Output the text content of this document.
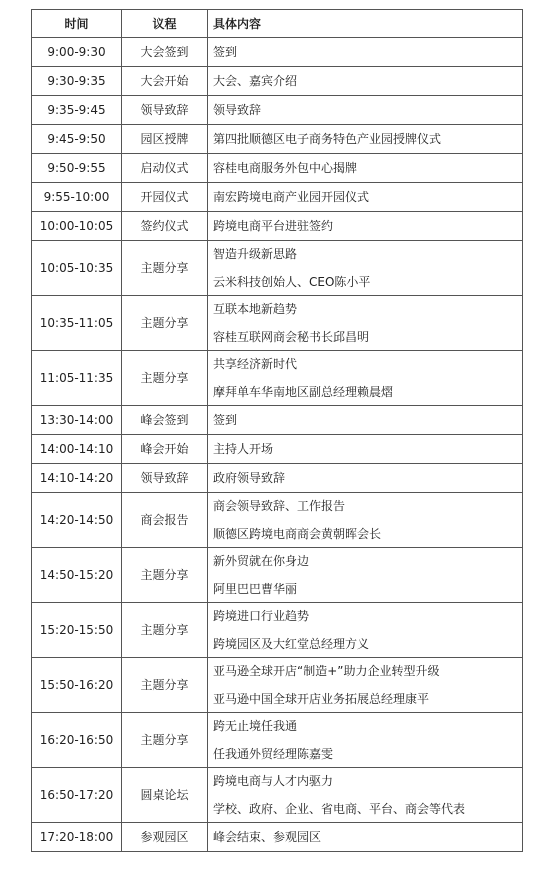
时间	议程	具体内容
9:00-9:30	大会签到	签到

9:30-9:35	大会开始	大会、嘉宾介绍

9:35-9:45	领导致辞	领导致辞

9:45-9:50	园区授牌	第四批顺德区电子商务特色产业园授牌仪式

9:50-9:55	启动仪式	容桂电商服务外包中心揭牌

9:55-10:00	开园仪式	南宏跨境电商产业园开园仪式

10:00-10:05	签约仪式	跨境电商平台进驻签约

10:05-10:35	主题分享	智造升级新思路
云米科技创始人、CEO陈小平

10:35-11:05	主题分享	互联本地新趋势
容桂互联网商会秘书长邱昌明

11:05-11:35	主题分享	共享经济新时代
摩拜单车华南地区副总经理赖晨熠

13:30-14:00	峰会签到	签到

14:00-14:10	峰会开始	主持人开场

14:10-14:20	领导致辞	政府领导致辞

14:20-14:50	商会报告	商会领导致辞、工作报告
顺德区跨境电商商会黄朝晖会长

14:50-15:20	主题分享	新外贸就在你身边
阿里巴巴曹华丽

15:20-15:50	主题分享	跨境进口行业趋势
跨境园区及大红堂总经理方义

15:50-16:20	主题分享	亚马逊全球开店“制造+”助力企业转型升级
亚马逊中国全球开店业务拓展总经理康平

16:20-16:50	主题分享	跨无止境任我通
任我通外贸经理陈嘉雯

16:50-17:20	圆桌论坛	跨境电商与人才内驱力
学校、政府、企业、省电商、平台、商会等代表

17:20-18:00	参观园区	峰会结束、参观园区
